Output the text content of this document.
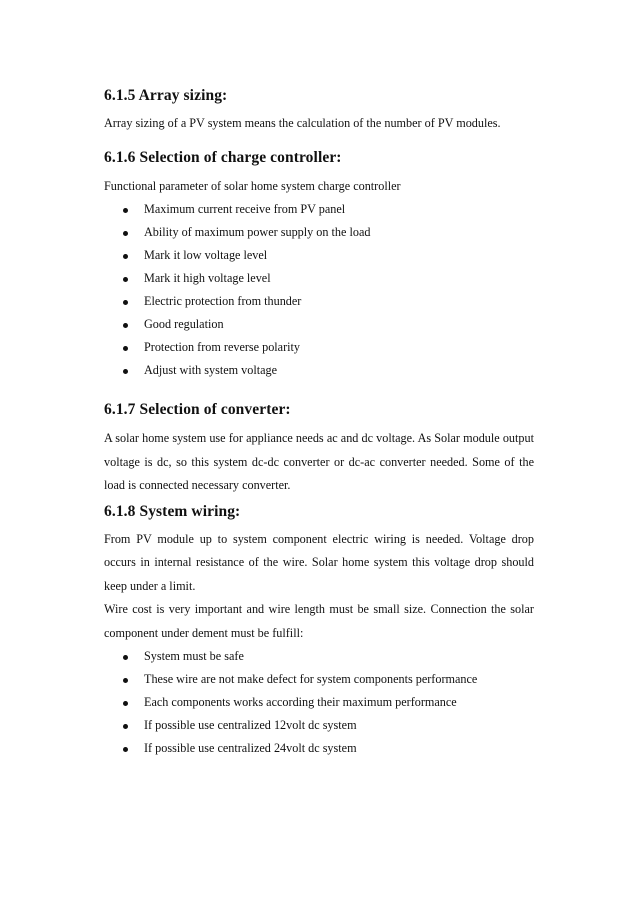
6.1.5 Array sizing:

Array sizing of a PV system means the calculation of the number of PV modules.

6.1.6 Selection of charge controller:

Functional parameter of solar home system charge controller

Maximum current receive from PV panel
Ability of maximum power supply on the load
Mark it low voltage level
Mark it high voltage level
Electric protection from thunder
Good regulation
Protection from reverse polarity
Adjust with system voltage
6.1.7 Selection of converter:

A solar home system use for appliance needs ac and dc voltage. As Solar module output voltage is dc, so this system dc-dc converter or dc-ac converter needed. Some of the load is connected necessary converter.

6.1.8 System wiring:

From PV module up to system component electric wiring is needed. Voltage drop occurs in internal resistance of the wire. Solar home system this voltage drop should keep under a limit.

Wire cost is very important and wire length must be small size. Connection the solar component under dement must be fulfill:

System must be safe
These wire are not make defect for system components performance
Each components works according their maximum performance
If possible use centralized 12volt dc system
If possible use centralized 24volt dc system
